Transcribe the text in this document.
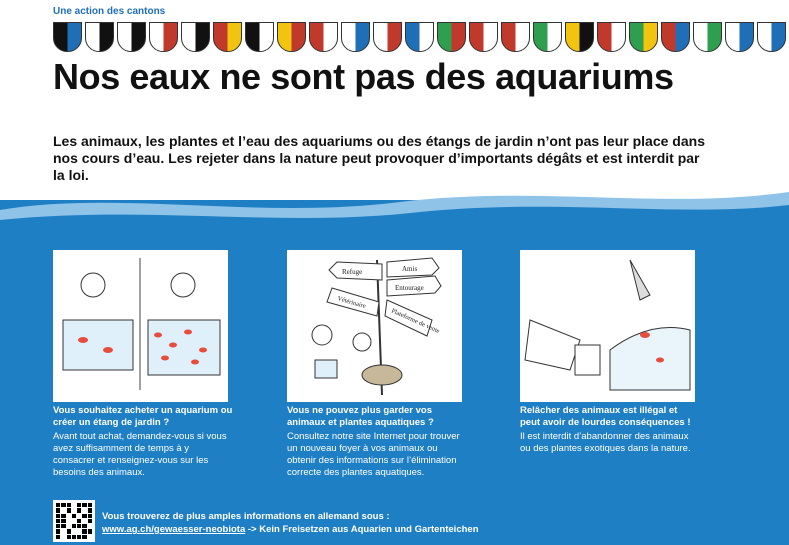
Une action des cantons
Nos eaux ne sont pas des aquariums
Les animaux, les plantes et l’eau des aquariums ou des étangs de jardin n’ont pas leur place dans nos cours d’eau. Les rejeter dans la nature peut provoquer d’importants dégâts et est interdit par la loi.
Refuge	Amis
Entourage
Vétérinaire
Plateforme de vente
Vous souhaitez acheter un aquarium ou créer un étang de jardin ?
Avant tout achat, demandez-vous si vous avez suffisamment de temps à y consacrer et renseignez-vous sur les besoins des animaux.
Vous ne pouvez plus garder vos animaux et plantes aquatiques ?
Consultez notre site Internet pour trouver un nouveau foyer à vos animaux ou obtenir des informations sur l’élimination correcte des plantes aquatiques.
Relâcher des animaux est illégal et peut avoir de lourdes conséquences !
Il est interdit d’abandonner des animaux ou des plantes exotiques dans la nature.
Vous trouverez de plus amples informations en allemand sous :
www.ag.ch/gewaesser-neobiota -> Kein Freisetzen aus Aquarien und Gartenteichen
